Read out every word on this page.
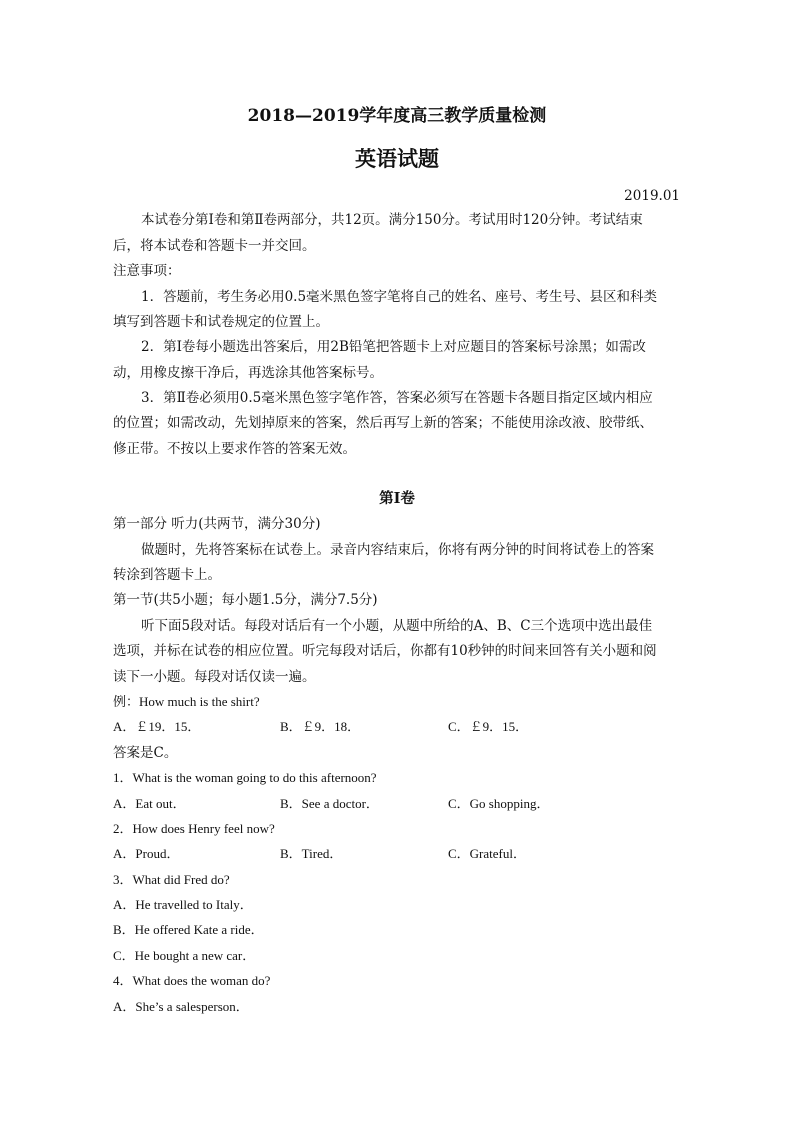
2018—2019学年度高三教学质量检测
英语试题
2019.01
本试卷分第Ⅰ卷和第Ⅱ卷两部分，共12页。满分150分。考试用时120分钟。考试结束
后，将本试卷和答题卡一并交回。
注意事项：
1．答题前，考生务必用0.5毫米黑色签字笔将自己的姓名、座号、考生号、县区和科类
填写到答题卡和试卷规定的位置上。
2．第Ⅰ卷每小题选出答案后，用2B铅笔把答题卡上对应题目的答案标号涂黑；如需改
动，用橡皮擦干净后，再选涂其他答案标号。
3．第Ⅱ卷必须用0.5毫米黑色签字笔作答，答案必须写在答题卡各题目指定区域内相应
的位置；如需改动，先划掉原来的答案，然后再写上新的答案；不能使用涂改液、胶带纸、
修正带。不按以上要求作答的答案无效。
第Ⅰ卷
第一部分 听力(共两节，满分30分)
做题时，先将答案标在试卷上。录音内容结束后，你将有两分钟的时间将试卷上的答案
转涂到答题卡上。
第一节(共5小题；每小题1.5分，满分7.5分)
听下面5段对话。每段对话后有一个小题，从题中所给的A、B、C三个选项中选出最佳
选项，并标在试卷的相应位置。听完每段对话后，你都有10秒钟的时间来回答有关小题和阅
读下一小题。每段对话仅读一遍。
例：How much is the shirt?
A．￡19．15．	B．￡9．18．	C．￡9．15．
答案是C。
1．What is the woman going to do this afternoon?
A．Eat out．	B．See a doctor．	C．Go shopping．
2．How does Henry feel now?
A．Proud．	B．Tired．	C．Grateful．
3．What did Fred do?
A．He travelled to Italy．
B．He offered Kate a ride．
C．He bought a new car．
4．What does the woman do?
A．She’s a salesperson．
